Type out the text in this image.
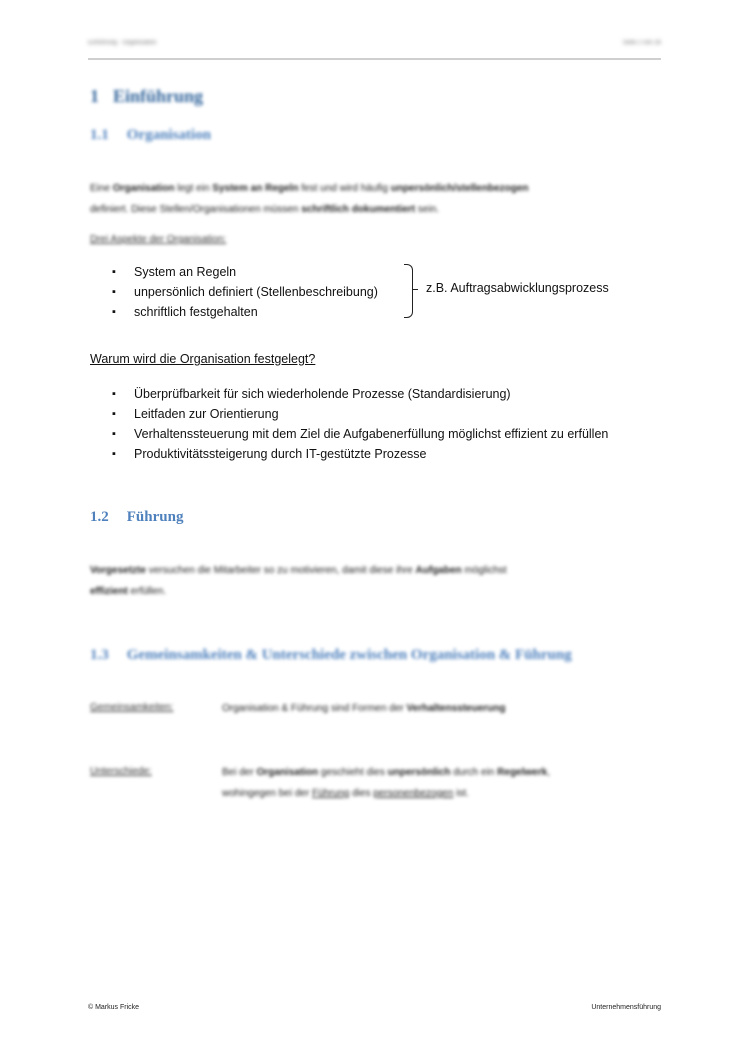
Einführung · Organisation	Seite 2 von 26
1 Einführung
1.1 Organisation
Eine Organisation legt ein System an Regeln fest und wird häufig unpersönlich/stellenbezogen
definiert. Diese Stellen/Organisationen müssen schriftlich dokumentiert sein.
Drei Aspekte der Organisation:
▪ System an Regeln
▪ unpersönlich definiert (Stellenbeschreibung)
▪ schriftlich festgehalten
z.B. Auftragsabwicklungsprozess
Warum wird die Organisation festgelegt?
▪ Überprüfbarkeit für sich wiederholende Prozesse (Standardisierung)
▪ Leitfaden zur Orientierung
▪ Verhaltenssteuerung mit dem Ziel die Aufgabenerfüllung möglichst effizient zu erfüllen
▪ Produktivitätssteigerung durch IT-gestützte Prozesse
1.2 Führung
Vorgesetzte versuchen die Mitarbeiter so zu motivieren, damit diese ihre Aufgaben möglichst
effizient erfüllen.
1.3 Gemeinsamkeiten & Unterschiede zwischen Organisation & Führung
Gemeinsamkeiten:	Organisation & Führung sind Formen der Verhaltenssteuerung
Unterschiede:	Bei der Organisation geschieht dies unpersönlich durch ein Regelwerk,
wohingegen bei der Führung dies personenbezogen ist.
© Markus Fricke	Unternehmensführung
